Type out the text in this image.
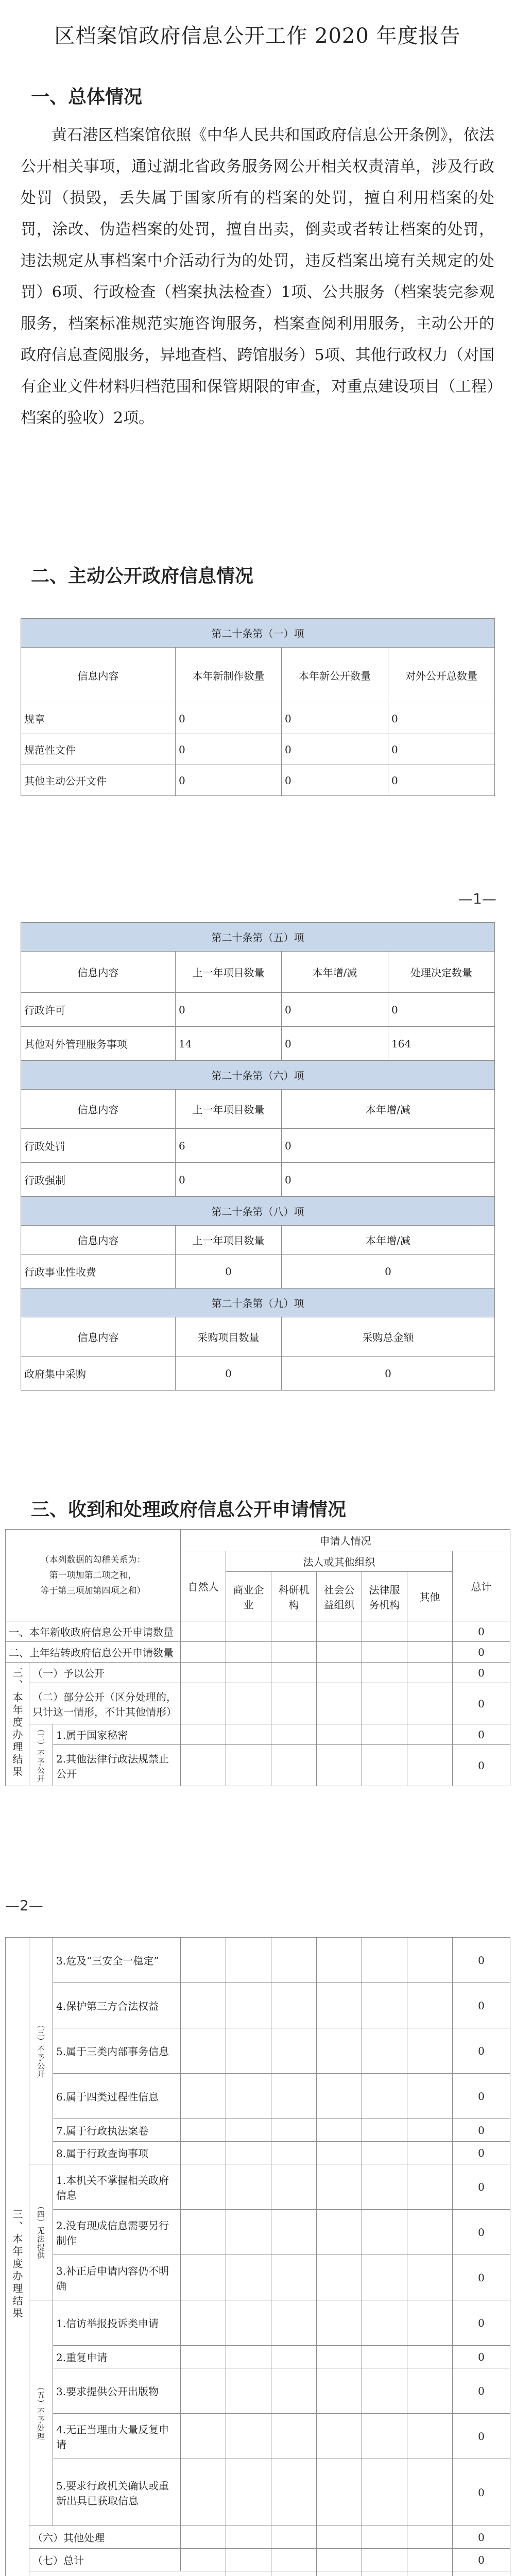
区档案馆政府信息公开工作 2020 年度报告
一、总体情况
黄石港区档案馆依照《中华人民共和国政府信息公开条例》，依法公开相关事项，通过湖北省政务服务网公开相关权责清单，涉及行政处罚（损毁，丢失属于国家所有的档案的处罚，擅自利用档案的处罚，涂改、伪造档案的处罚，擅自出卖，倒卖或者转让档案的处罚，违法规定从事档案中介活动行为的处罚，违反档案出境有关规定的处罚）6项、行政检查（档案执法检查）1项、公共服务（档案装完参观服务，档案标准规范实施咨询服务，档案查阅利用服务，主动公开的政府信息查阅服务，异地查档、跨馆服务）5项、其他行政权力（对国有企业文件材料归档范围和保管期限的审查，对重点建设项目（工程）档案的验收）2项。
二、主动公开政府信息情况
第二十条第（一）项			
信息内容	本年新制作数量	本年新公开数量	对外公开总数量
规章	0	0	0
规范性文件	0	0	0
其他主动公开文件	0	0	0
—1—
第二十条第（五）项			
信息内容	上一年项目数量	本年增/减	处理决定数量
行政许可	0	0	0
其他对外管理服务事项	14	0	164
第二十条第（六）项			
信息内容	上一年项目数量	本年增/减	
行政处罚	6	0	
行政强制	0	0	
第二十条第（八）项			
信息内容	上一年项目数量	本年增/减	
行政事业性收费	0	0	
第二十条第（九）项			
信息内容	采购项目数量	采购总金额	
政府集中采购	0	0	
三、收到和处理政府信息公开申请情况
（本列数据的勾稽关系为：
第一项加第二项之和，
等于第三项加第四项之和）			申请人情况						
			自然人	法人或其他组织					总计
				商业企业	科研机构	社会公益组织	法律服务机构	其他	
一、本年新收政府信息公开申请数量									0
二、上年结转政府信息公开申请数量									0
三、本年度办理结果	（一）予以公开								0
	（二）部分公开（区分处理的，只计这一情形，不计其他情形）								0
	（三）不予公开	1.属于国家秘密							0
		2.其他法律行政法规禁止公开							0
—2—
三、本年度办理结果	（三）不予公开	3.危及“三安全一稳定”							0	
		4.保护第三方合法权益							0	
		5.属于三类内部事务信息							0	
		6.属于四类过程性信息							0	
		7.属于行政执法案卷							0	
		8.属于行政查询事项							0	
	（四）无法提供	1.本机关不掌握相关政府信息							0	
		2.没有现成信息需要另行制作							0	
		3.补正后申请内容仍不明确							0	
	（五）不予处理	1.信访举报投诉类申请							0	
		2.重复申请							0	
		3.要求提供公开出版物							0	
		4.无正当理由大量反复申请							0	
		5.要求行政机关确认或重新出具已获取信息							0	
	（六）其他处理								0	
	（七）总计								0	
